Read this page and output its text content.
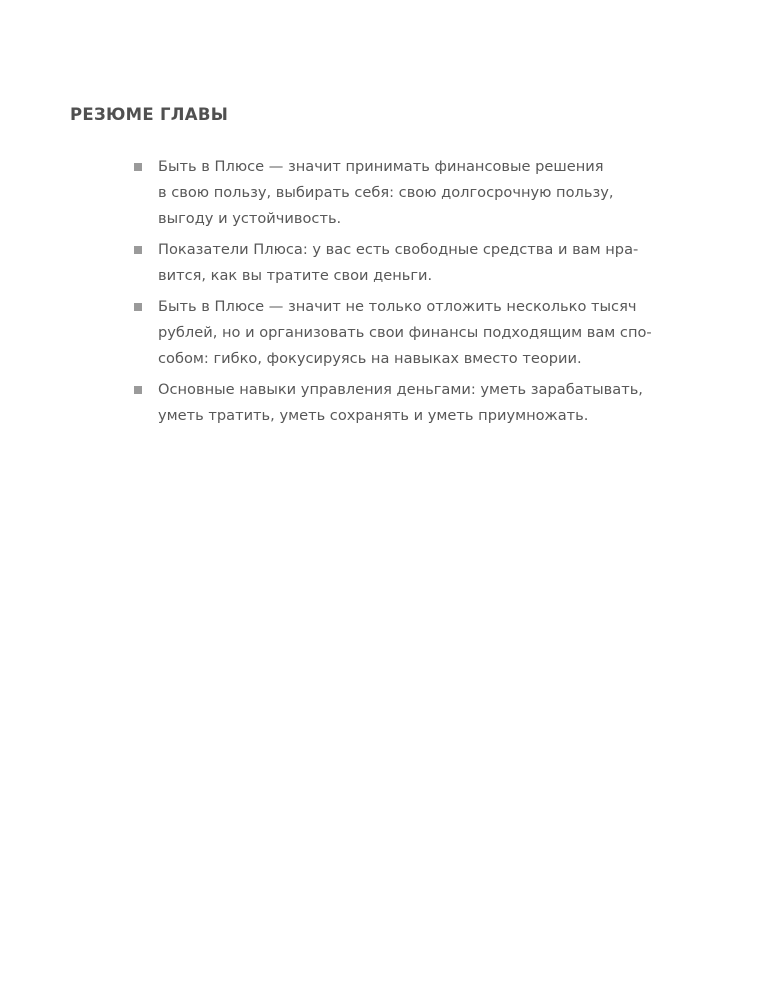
РЕЗЮМЕ ГЛАВЫ
Быть в Плюсе — значит принимать финансовые решения
в свою пользу, выбирать себя: свою долгосрочную пользу,
выгоду и устойчивость.
Показатели Плюса: у вас есть свободные средства и вам нра-
вится, как вы тратите свои деньги.
Быть в Плюсе — значит не только отложить несколько тысяч
рублей, но и организовать свои финансы подходящим вам спо-
собом: гибко, фокусируясь на навыках вместо теории.
Основные навыки управления деньгами: уметь зарабатывать,
уметь тратить, уметь сохранять и уметь приумножать.
